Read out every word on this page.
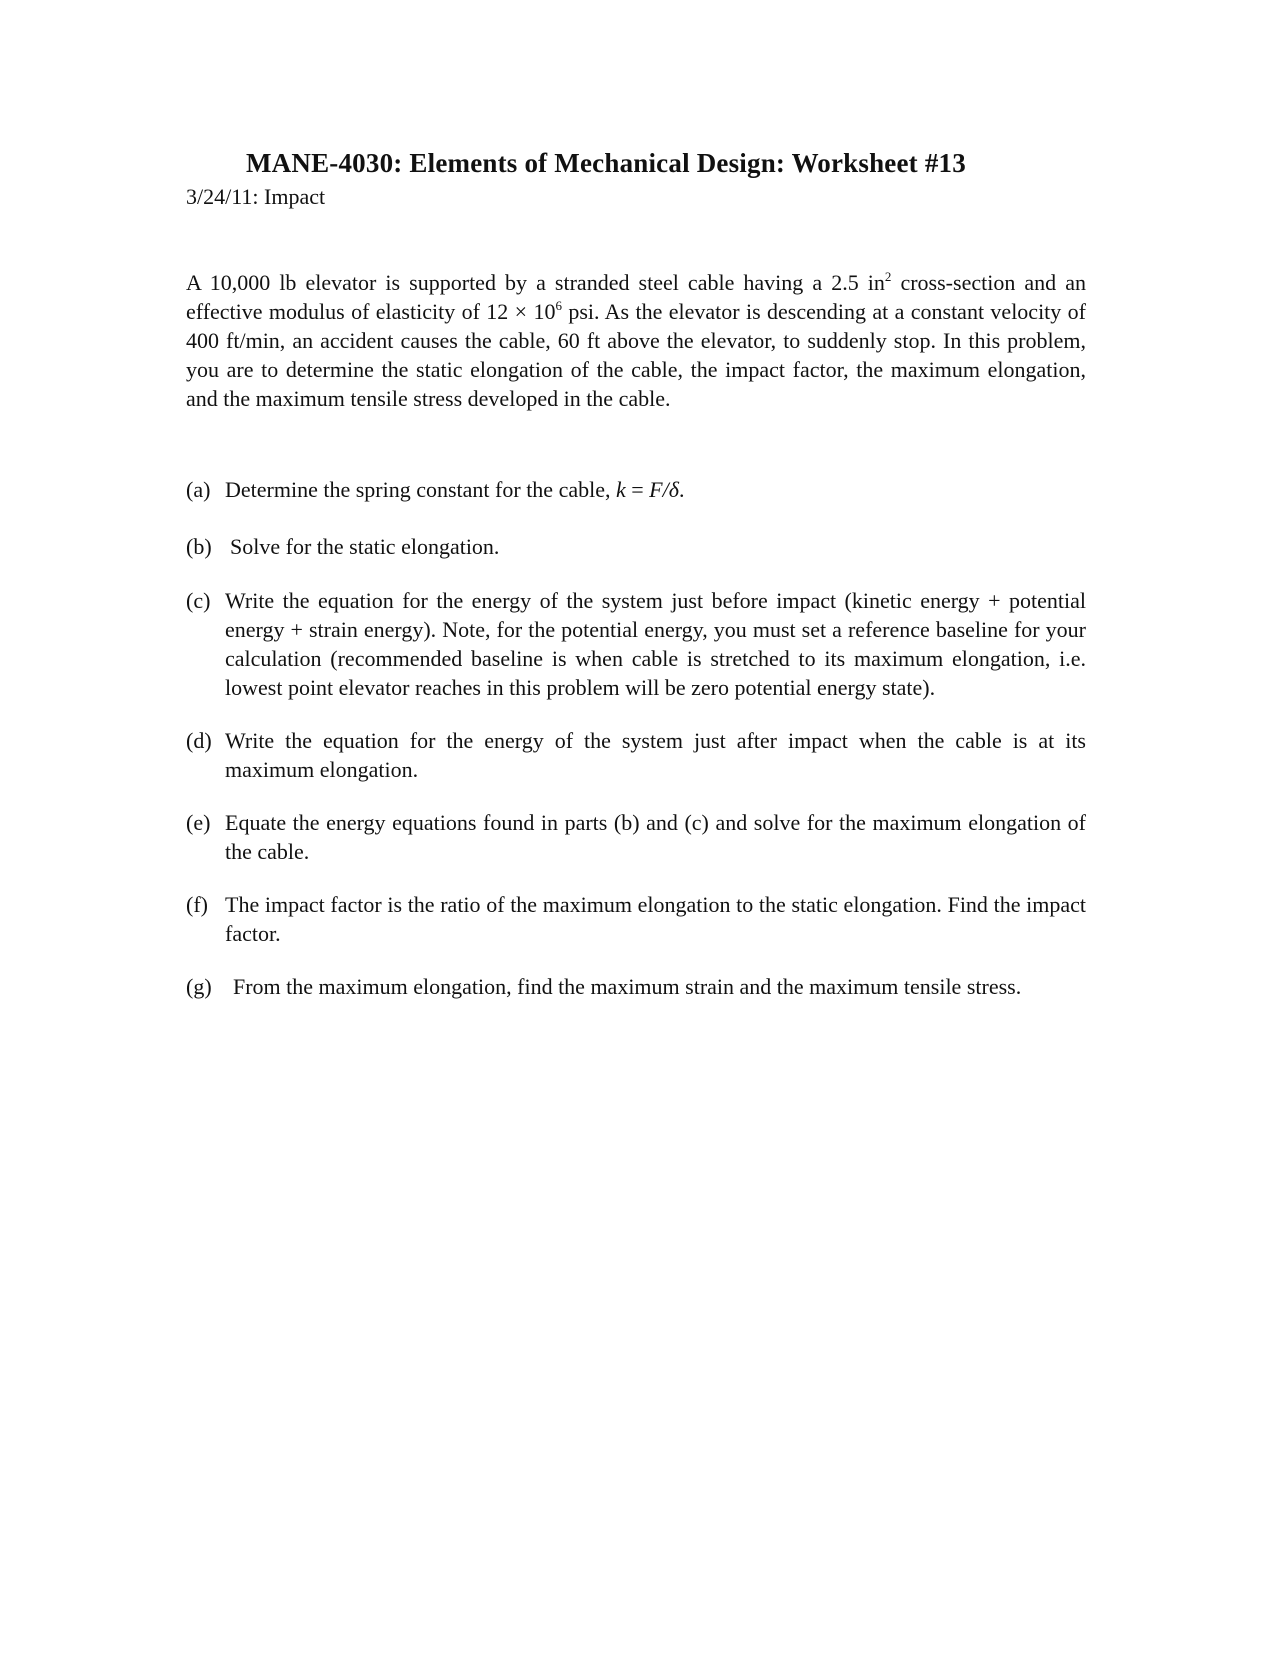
MANE-4030: Elements of Mechanical Design: Worksheet #13
3/24/11: Impact

A 10,000 lb elevator is supported by a stranded steel cable having a 2.5 $in^2$ cross-section and an effective modulus of elasticity of $12 \times 10^6$ psi. As the elevator is descending at a constant velocity of 400 ft/min, an accident causes the cable, 60 ft above the elevator, to suddenly stop. In this problem, you are to determine the static elongation of the cable, the impact factor, the maximum elongation, and the maximum tensile stress developed in the cable.

(a) Determine the spring constant for the cable, k = F/δ.

(b) Solve for the static elongation.

(c) Write the equation for the energy of the system just before impact (kinetic energy + potential energy + strain energy). Note, for the potential energy, you must set a reference baseline for your calculation (recommended baseline is when cable is stretched to its maximum elongation, i.e. lowest point elevator reaches in this problem will be zero potential energy state).

(d) Write the equation for the energy of the system just after impact when the cable is at its maximum elongation.

(e) Equate the energy equations found in parts (b) and (c) and solve for the maximum elongation of the cable.

(f) The impact factor is the ratio of the maximum elongation to the static elongation. Find the impact factor.

(g) From the maximum elongation, find the maximum strain and the maximum tensile stress.
